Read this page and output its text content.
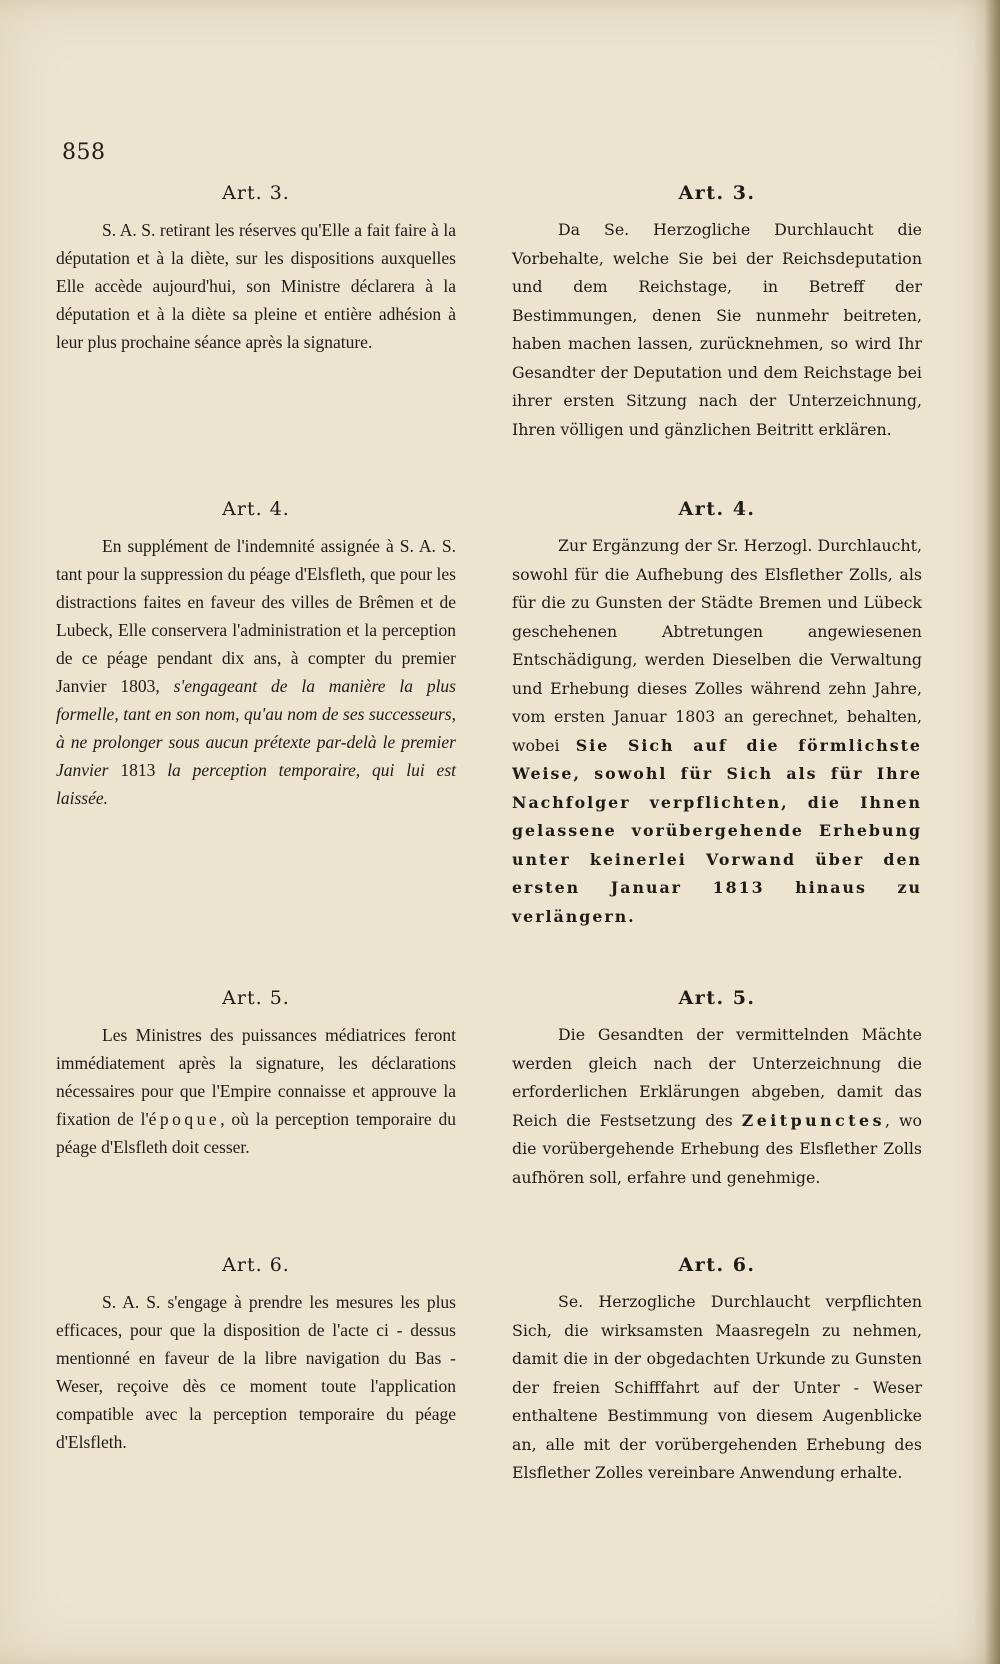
858
Art. 3.
S. A. S. retirant les réserves qu'Elle a fait faire à la députation et à la diète, sur les dispositions auxquelles Elle accède aujourd'hui, son Ministre déclarera à la députation et à la diète sa pleine et entière adhésion à leur plus prochaine séance après la signature.
Art. 4.
En supplément de l'indemnité assignée à S. A. S. tant pour la suppression du péage d'Elsfleth, que pour les distractions faites en faveur des villes de Brêmen et de Lubeck, Elle conservera l'administration et la perception de ce péage pendant dix ans, à compter du premier Janvier 1803, s'engageant de la manière la plus formelle, tant en son nom, qu'au nom de ses successeurs, à ne prolonger sous aucun prétexte par-delà le premier Janvier 1813 la perception temporaire, qui lui est laissée.
Art. 5.
Les Ministres des puissances médiatrices feront immédiatement après la signature, les déclarations nécessaires pour que l'Empire connaisse et approuve la fixation de l'époque, où la perception temporaire du péage d'Elsfleth doit cesser.
Art. 6.
S. A. S. s'engage à prendre les mesures les plus efficaces, pour que la disposition de l'acte ci - dessus mentionné en faveur de la libre navigation du Bas - Weser, reçoive dès ce moment toute l'application compatible avec la perception temporaire du péage d'Elsfleth.
Art. 3.
Da Se. Herzogliche Durchlaucht die Vorbehalte, welche Sie bei der Reichsdeputation und dem Reichstage, in Betreff der Bestimmungen, denen Sie nunmehr beitreten, haben machen lassen, zurücknehmen, so wird Ihr Gesandter der Deputation und dem Reichstage bei ihrer ersten Sitzung nach der Unterzeichnung, Ihren völligen und gänzlichen Beitritt erklären.
Art. 4.
Zur Ergänzung der Sr. Herzogl. Durchlaucht, sowohl für die Aufhebung des Elsflether Zolls, als für die zu Gunsten der Städte Bremen und Lübeck geschehenen Abtretungen angewiesenen Entschädigung, werden Dieselben die Verwaltung und Erhebung dieses Zolles während zehn Jahre, vom ersten Januar 1803 an gerechnet, behalten, wobei Sie Sich auf die förmlichste Weise, sowohl für Sich als für Ihre Nachfolger verpflichten, die Ihnen gelassene vorübergehende Erhebung unter keinerlei Vorwand über den ersten Januar 1813 hinaus zu verlängern.
Art. 5.
Die Gesandten der vermittelnden Mächte werden gleich nach der Unterzeichnung die erforderlichen Erklärungen abgeben, damit das Reich die Festsetzung des Zeitpunctes, wo die vorübergehende Erhebung des Elsflether Zolls aufhören soll, erfahre und genehmige.
Art. 6.
Se. Herzogliche Durchlaucht verpflichten Sich, die wirksamsten Maasregeln zu nehmen, damit die in der obgedachten Urkunde zu Gunsten der freien Schifffahrt auf der Unter - Weser enthaltene Bestimmung von diesem Augenblicke an, alle mit der vorübergehenden Erhebung des Elsflether Zolles vereinbare Anwendung erhalte.
